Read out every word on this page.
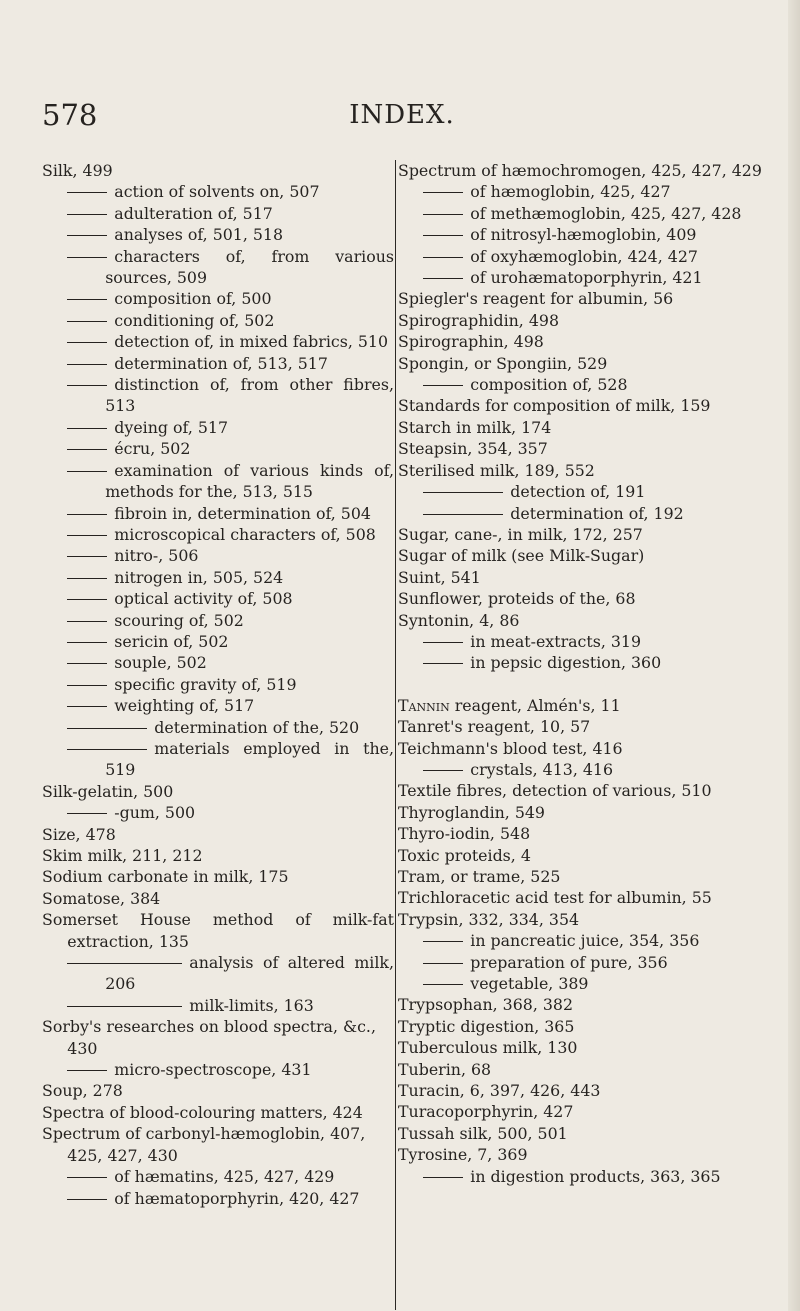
578	INDEX.
Silk, 499
action of solvents on, 507
adulteration of, 517
analyses of, 501, 518
characters of, from various sources, 509
composition of, 500
conditioning of, 502
detection of, in mixed fabrics, 510
determination of, 513, 517
distinction of, from other fibres, 513
dyeing of, 517
écru, 502
examination of various kinds of, methods for the, 513, 515
fibroin in, determination of, 504
microscopical characters of, 508
nitro-, 506
nitrogen in, 505, 524
optical activity of, 508
scouring of, 502
sericin of, 502
souple, 502
specific gravity of, 519
weighting of, 517
determination of the, 520
materials employed in the, 519
Silk-gelatin, 500
-gum, 500
Size, 478
Skim milk, 211, 212
Sodium carbonate in milk, 175
Somatose, 384
Somerset House method of milk-fat extraction, 135
analysis of altered milk, 206
milk-limits, 163
Sorby's researches on blood spectra, &c., 430
micro-spectroscope, 431
Soup, 278
Spectra of blood-colouring matters, 424
Spectrum of carbonyl-hæmoglobin, 407, 425, 427, 430
of hæmatins, 425, 427, 429
of hæmatoporphyrin, 420, 427
Spectrum of hæmochromogen, 425, 427, 429
of hæmoglobin, 425, 427
of methæmoglobin, 425, 427, 428
of nitrosyl-hæmoglobin, 409
of oxyhæmoglobin, 424, 427
of urohæmatoporphyrin, 421
Spiegler's reagent for albumin, 56
Spirographidin, 498
Spirographin, 498
Spongin, or Spongiin, 529
composition of, 528
Standards for composition of milk, 159
Starch in milk, 174
Steapsin, 354, 357
Sterilised milk, 189, 552
detection of, 191
determination of, 192
Sugar, cane-, in milk, 172, 257
Sugar of milk (see Milk-Sugar)
Suint, 541
Sunflower, proteids of the, 68
Syntonin, 4, 86
in meat-extracts, 319
in pepsic digestion, 360
Tannin reagent, Almén's, 11
Tanret's reagent, 10, 57
Teichmann's blood test, 416
crystals, 413, 416
Textile fibres, detection of various, 510
Thyroglandin, 549
Thyro-iodin, 548
Toxic proteids, 4
Tram, or trame, 525
Trichloracetic acid test for albumin, 55
Trypsin, 332, 334, 354
in pancreatic juice, 354, 356
preparation of pure, 356
vegetable, 389
Trypsophan, 368, 382
Tryptic digestion, 365
Tuberculous milk, 130
Tuberin, 68
Turacin, 6, 397, 426, 443
Turacoporphyrin, 427
Tussah silk, 500, 501
Tyrosine, 7, 369
in digestion products, 363, 365
